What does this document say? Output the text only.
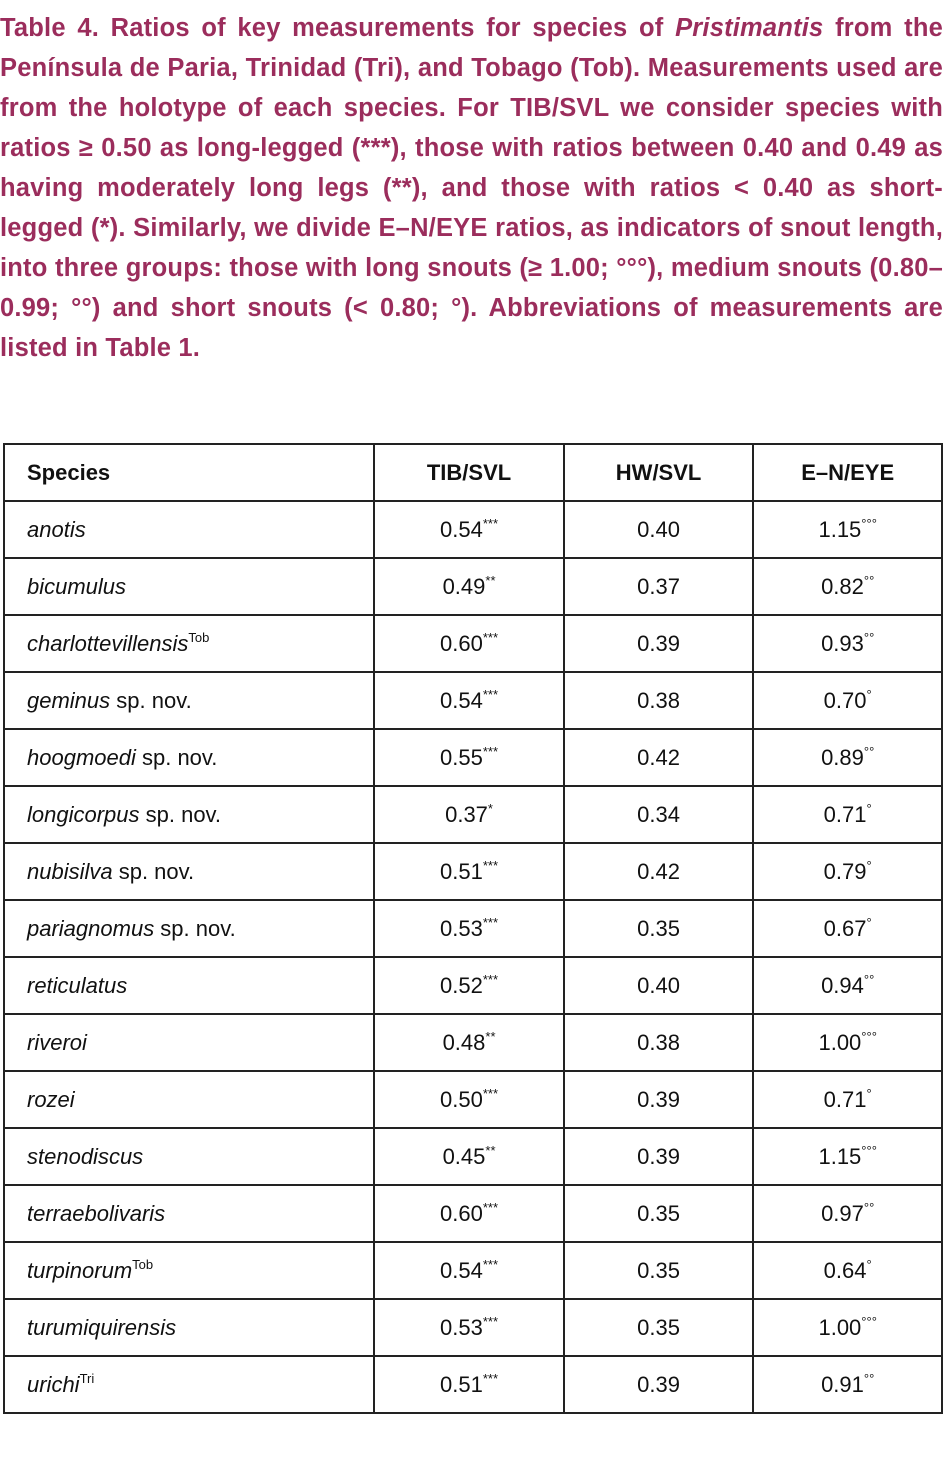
Table 4. Ratios of key measurements for species of Pristimantis from the Península de Paria, Trinidad (Tri), and Tobago (Tob). Measurements used are from the holotype of each species. For TIB/SVL we consider species with ratios ≥ 0.50 as long-legged (***), those with ratios between 0.40 and 0.49 as having moderately long legs (**), and those with ratios < 0.40 as short-legged (*). Similarly, we divide E–N/EYE ratios, as indicators of snout length, into three groups: those with long snouts (≥ 1.00; °°°), medium snouts (0.80–0.99; °°) and short snouts (< 0.80; °). Abbreviations of measurements are listed in Table 1.
Species	TIB/SVL	HW/SVL	E–N/EYE
anotis	0.54***	0.40	1.15°°°
bicumulus	0.49**	0.37	0.82°°
charlottevillensis$^{Tob}$	0.60***	0.39	0.93°°
geminus sp. nov.	0.54***	0.38	0.70°
hoogmoedi sp. nov.	0.55***	0.42	0.89°°
longicorpus sp. nov.	0.37*	0.34	0.71°
nubisilva sp. nov.	0.51***	0.42	0.79°
pariagnomus sp. nov.	0.53***	0.35	0.67°
reticulatus	0.52***	0.40	0.94°°
riveroi	0.48**	0.38	1.00°°°
rozei	0.50***	0.39	0.71°
stenodiscus	0.45**	0.39	1.15°°°
terraebolivaris	0.60***	0.35	0.97°°
turpinorum$^{Tob}$	0.54***	0.35	0.64°
turumiquirensis	0.53***	0.35	1.00°°°
urichi$^{Tri}$	0.51***	0.39	0.91°°
